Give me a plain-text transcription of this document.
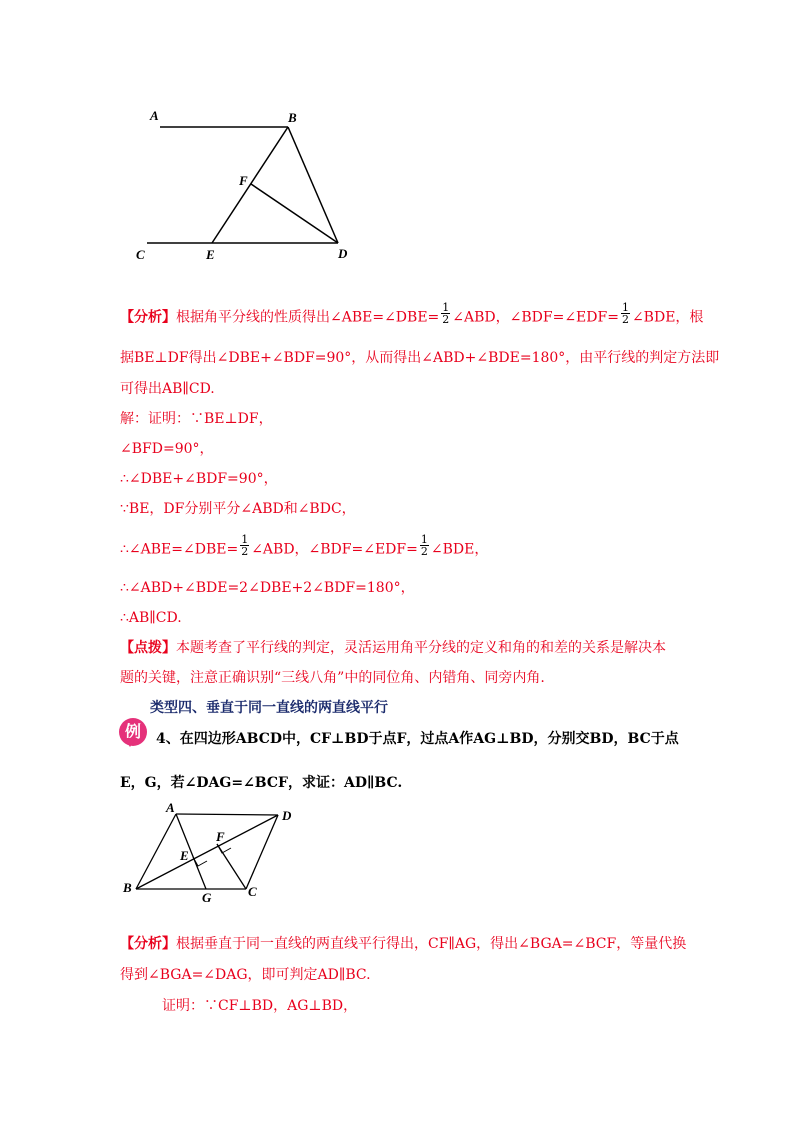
A	B
F
C	E	D
【分析】根据角平分线的性质得出∠ABE=∠DBE= $\frac{1}{2}$ ∠ABD，∠BDF=∠EDF= $\frac{1}{2}$ ∠BDE，根
据BE⊥DF得出∠DBE+∠BDF=90°，从而得出∠ABD+∠BDE=180°，由平行线的判定方法即
可得出AB∥CD.
解：证明：∵BE⊥DF，
∠BFD=90°，
∴∠DBE+∠BDF=90°，
∵BE，DF分别平分∠ABD和∠BDC，
∴∠ABE=∠DBE= $\frac{1}{2}$ ∠ABD，∠BDF=∠EDF= $\frac{1}{2}$ ∠BDE，
∴∠ABD+∠BDE=2∠DBE+2∠BDF=180°，
∴AB∥CD.
【点拨】本题考查了平行线的判定，灵活运用角平分线的定义和角的和差的关系是解决本
题的关键，注意正确识别“三线八角”中的同位角、内错角、同旁内角.
类型四、垂直于同一直线的两直线平行
例	4、在四边形ABCD中，CF⊥BD于点F，过点A作AG⊥BD，分别交BD，BC于点
E，G，若∠DAG=∠BCF，求证：AD∥BC.
A
D
F
E
B	C
G
【分析】根据垂直于同一直线的两直线平行得出，CF∥AG，得出∠BGA=∠BCF，等量代换
得到∠BGA=∠DAG，即可判定AD∥BC.
证明：∵CF⊥BD，AG⊥BD，
